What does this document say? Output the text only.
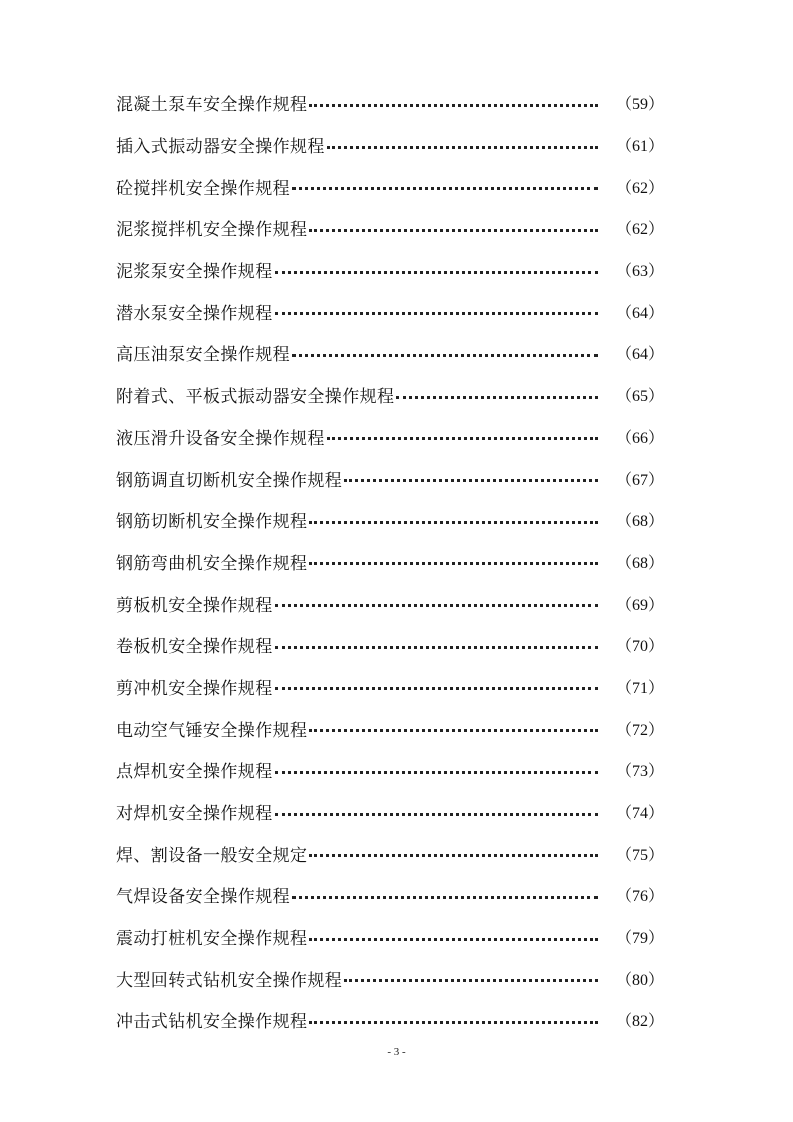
混凝土泵车安全操作规程	（59）
插入式振动器安全操作规程	（61）
砼搅拌机安全操作规程	（62）
泥浆搅拌机安全操作规程	（62）
泥浆泵安全操作规程	（63）
潜水泵安全操作规程	（64）
高压油泵安全操作规程	（64）
附着式、平板式振动器安全操作规程	（65）
液压滑升设备安全操作规程	（66）
钢筋调直切断机安全操作规程	（67）
钢筋切断机安全操作规程	（68）
钢筋弯曲机安全操作规程	（68）
剪板机安全操作规程	（69）
卷板机安全操作规程	（70）
剪冲机安全操作规程	（71）
电动空气锤安全操作规程	（72）
点焊机安全操作规程	（73）
对焊机安全操作规程	（74）
焊、割设备一般安全规定	（75）
气焊设备安全操作规程	（76）
震动打桩机安全操作规程	（79）
大型回转式钻机安全操作规程	（80）
冲击式钻机安全操作规程	（82）
- 3 -
